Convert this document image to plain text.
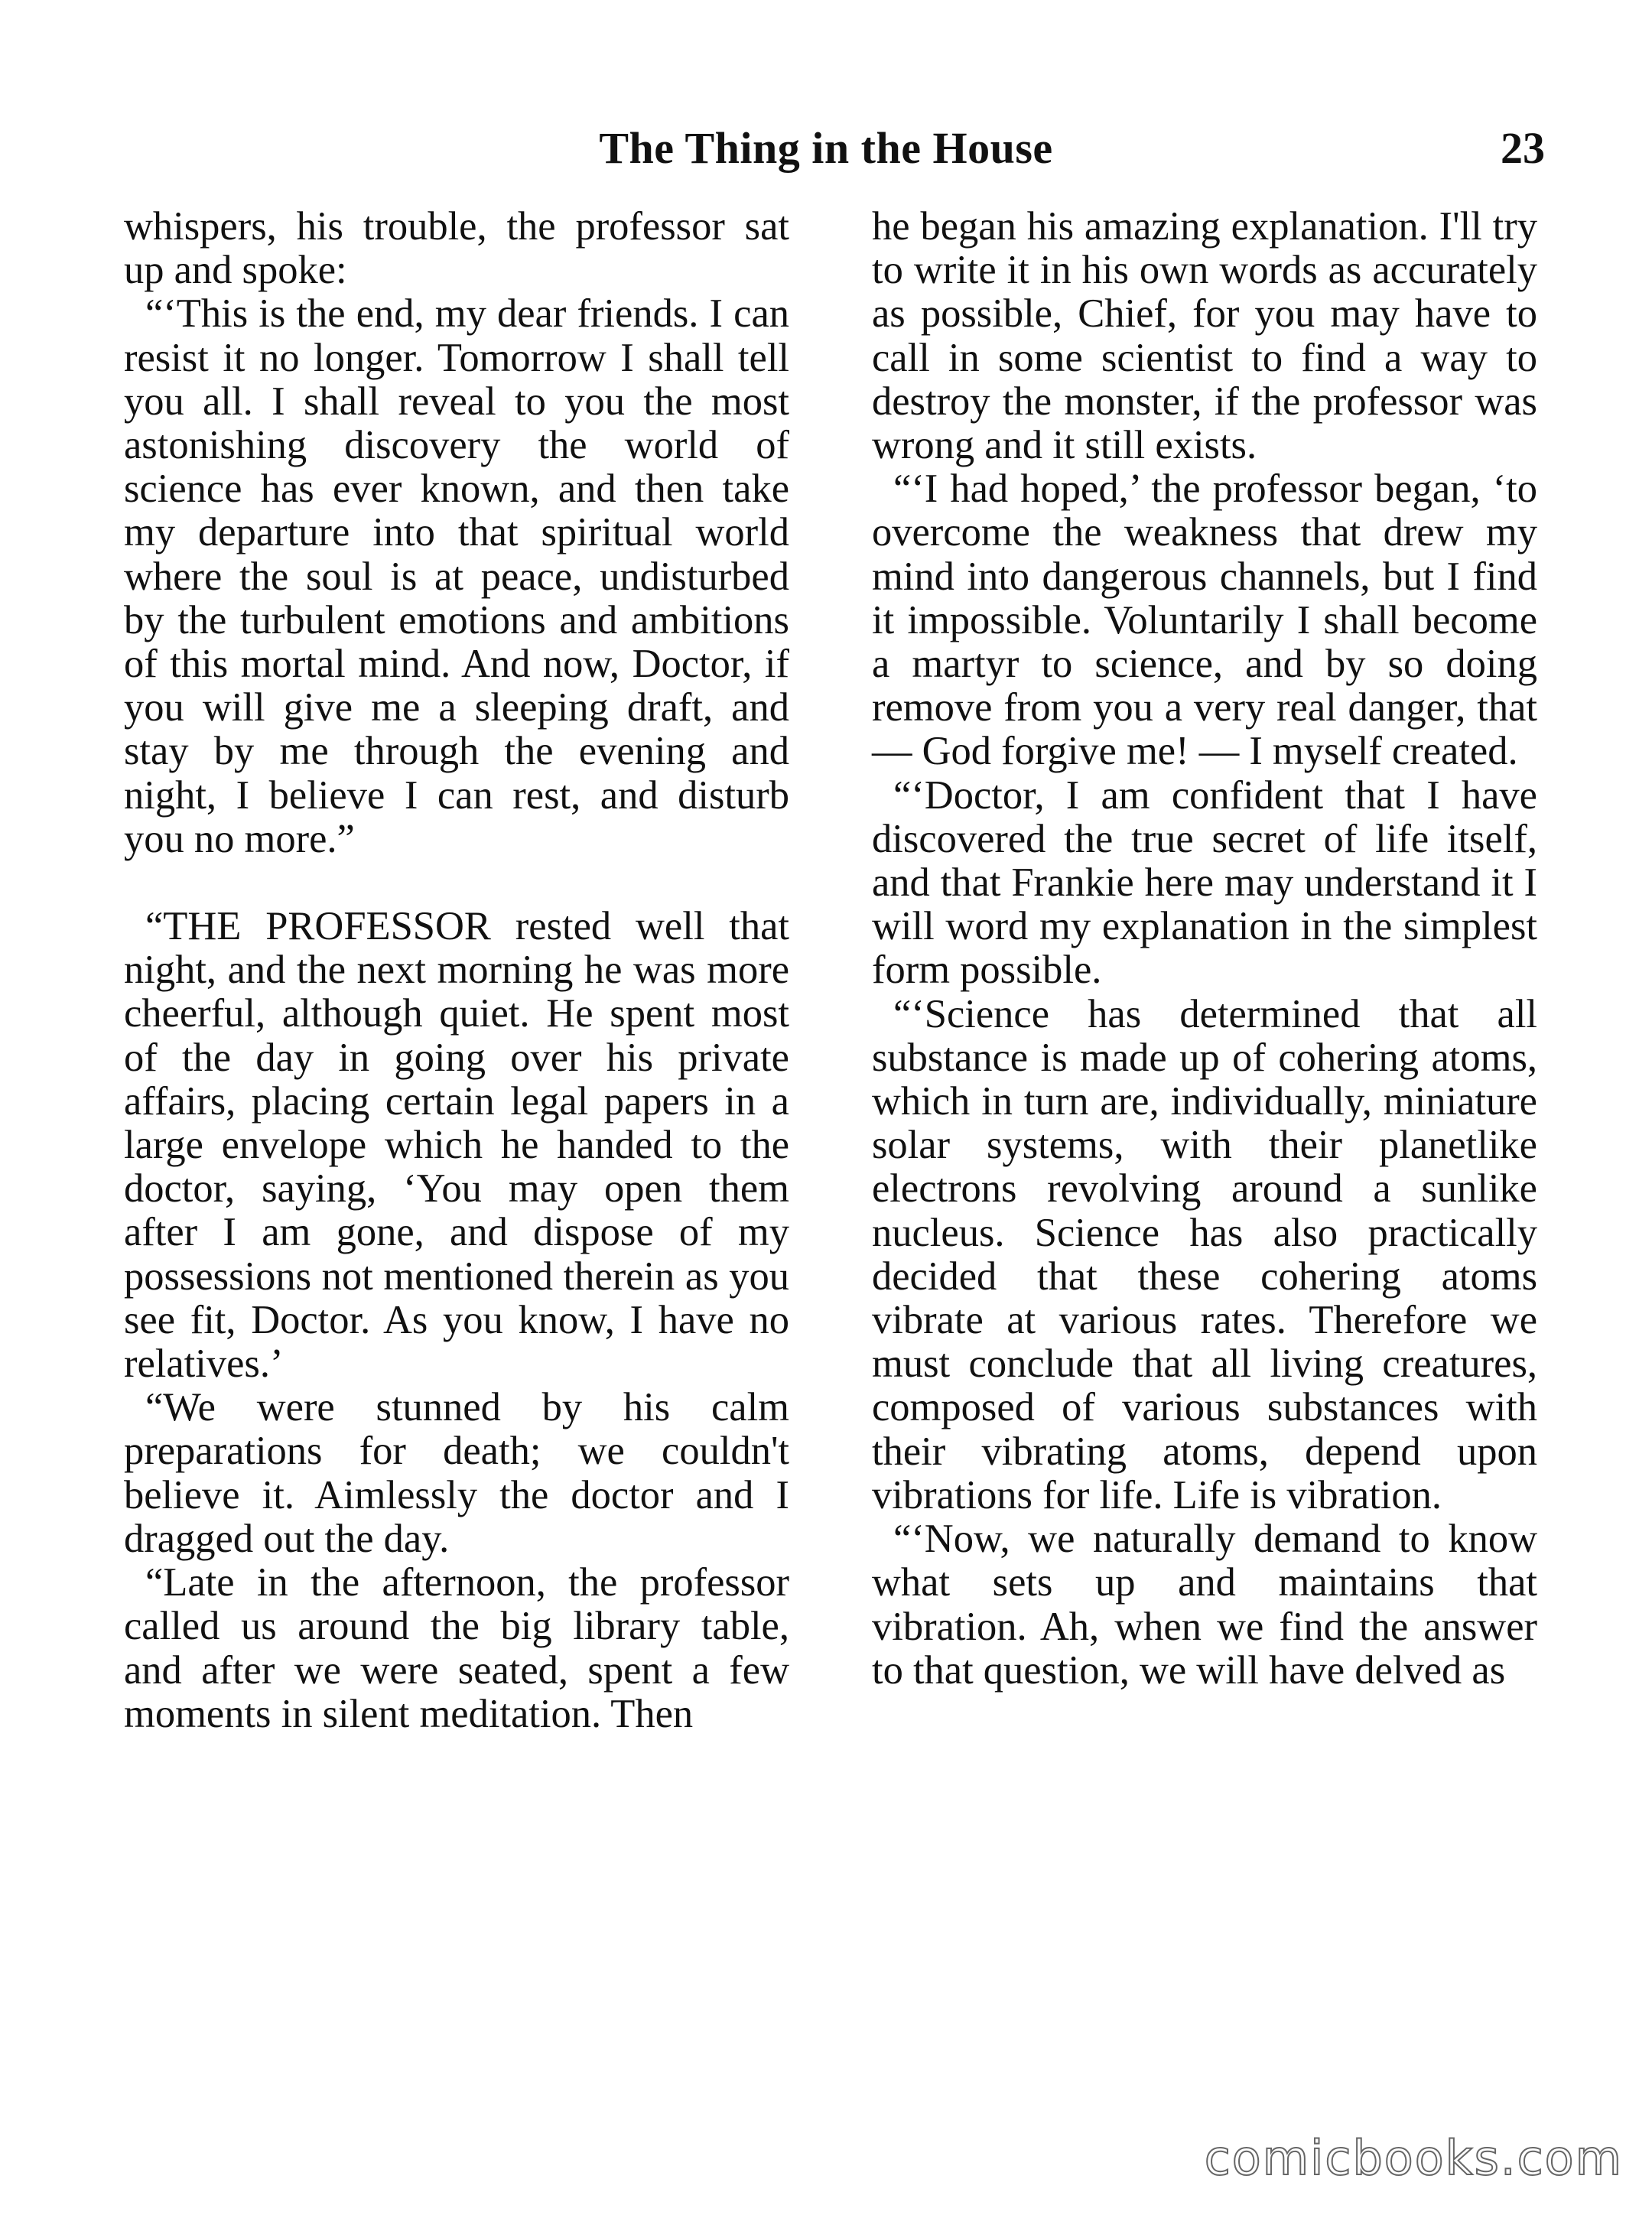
The Thing in the House	23

whispers, his trouble, the professor sat up and spoke:

“‘This is the end, my dear friends. I can resist it no longer. Tomorrow I shall tell you all. I shall reveal to you the most astonishing discovery the world of science has ever known, and then take my departure into that spiritual world where the soul is at peace, undisturbed by the turbulent emotions and ambitions of this mortal mind. And now, Doctor, if you will give me a sleeping draft, and stay by me through the evening and night, I believe I can rest, and disturb you no more.”

“THE PROFESSOR rested well that night, and the next morning he was more cheerful, although quiet. He spent most of the day in going over his private affairs, placing certain legal papers in a large envelope which he handed to the doctor, saying, ‘You may open them after I am gone, and dispose of my possessions not mentioned therein as you see fit, Doctor. As you know, I have no relatives.’

“We were stunned by his calm preparations for death; we couldn't believe it. Aimlessly the doctor and I dragged out the day.

“Late in the afternoon, the professor called us around the big library table, and after we were seated, spent a few moments in silent meditation. Then

he began his amazing explanation. I'll try to write it in his own words as accurately as possible, Chief, for you may have to call in some scientist to find a way to destroy the monster, if the professor was wrong and it still exists.

“‘I had hoped,’ the professor began, ‘to overcome the weakness that drew my mind into dangerous channels, but I find it impossible. Voluntarily I shall become a martyr to science, and by so doing remove from you a very real danger, that — God forgive me! — I myself created.

“‘Doctor, I am confident that I have discovered the true secret of life itself, and that Frankie here may understand it I will word my explanation in the simplest form possible.

“‘Science has determined that all substance is made up of cohering atoms, which in turn are, individually, miniature solar systems, with their planetlike electrons revolving around a sunlike nucleus. Science has also practically decided that these cohering atoms vibrate at various rates. Therefore we must conclude that all living creatures, composed of various substances with their vibrating atoms, depend upon vibrations for life. Life is vibration.

“‘Now, we naturally demand to know what sets up and maintains that vibration. Ah, when we find the answer to that question, we will have delved as

comicbooks.com
